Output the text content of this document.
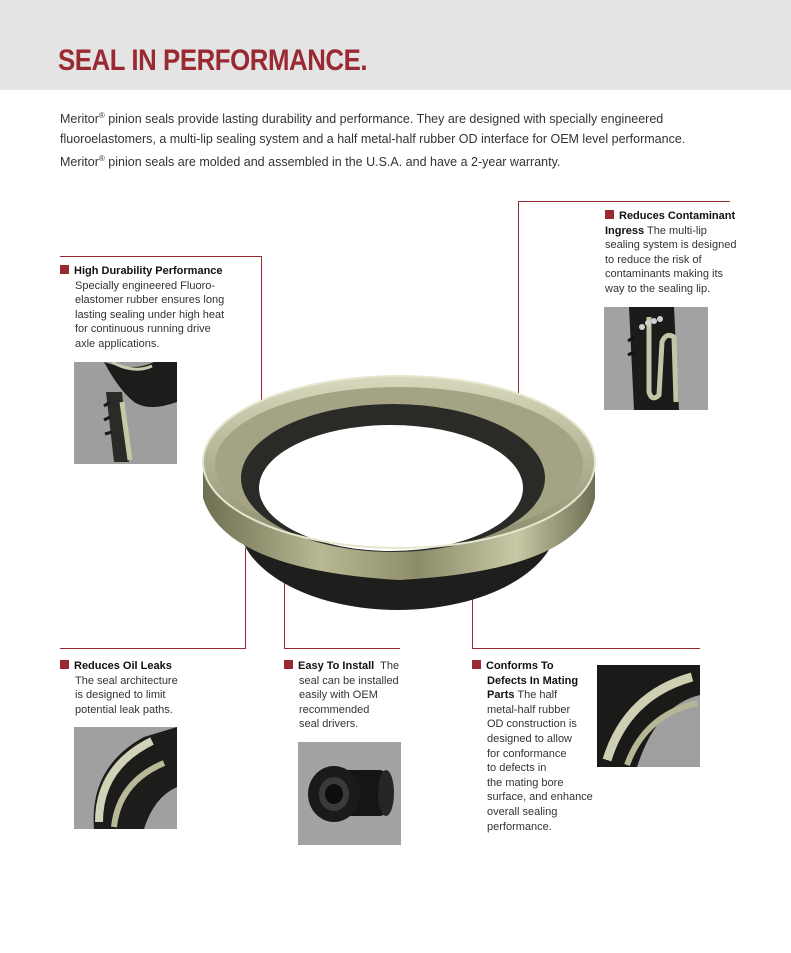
SEAL IN PERFORMANCE.

Meritor® pinion seals provide lasting durability and performance. They are designed with specially engineered

fluoroelastomers, a multi-lip sealing system and a half metal-half rubber OD interface for OEM level performance.

Meritor® pinion seals are molded and assembled in the U.S.A. and have a 2-year warranty.

High Durability Performance
Specially engineered Fluoro-
elastomer rubber ensures long
lasting sealing under high heat
for continuous running drive
axle applications.
Reduces Contaminant
Ingress The multi-lip
sealing system is designed
to reduce the risk of
contaminants making its
way to the sealing lip.
Reduces Oil Leaks
The seal architecture
is designed to limit
potential leak paths.
Easy To Install  The
seal can be installed
easily with OEM
recommended
seal drivers.
Conforms To
Defects In Mating
Parts The half
metal-half rubber
OD construction is
designed to allow
for conformance
to defects in
the mating bore
surface, and enhance
overall sealing
performance.
